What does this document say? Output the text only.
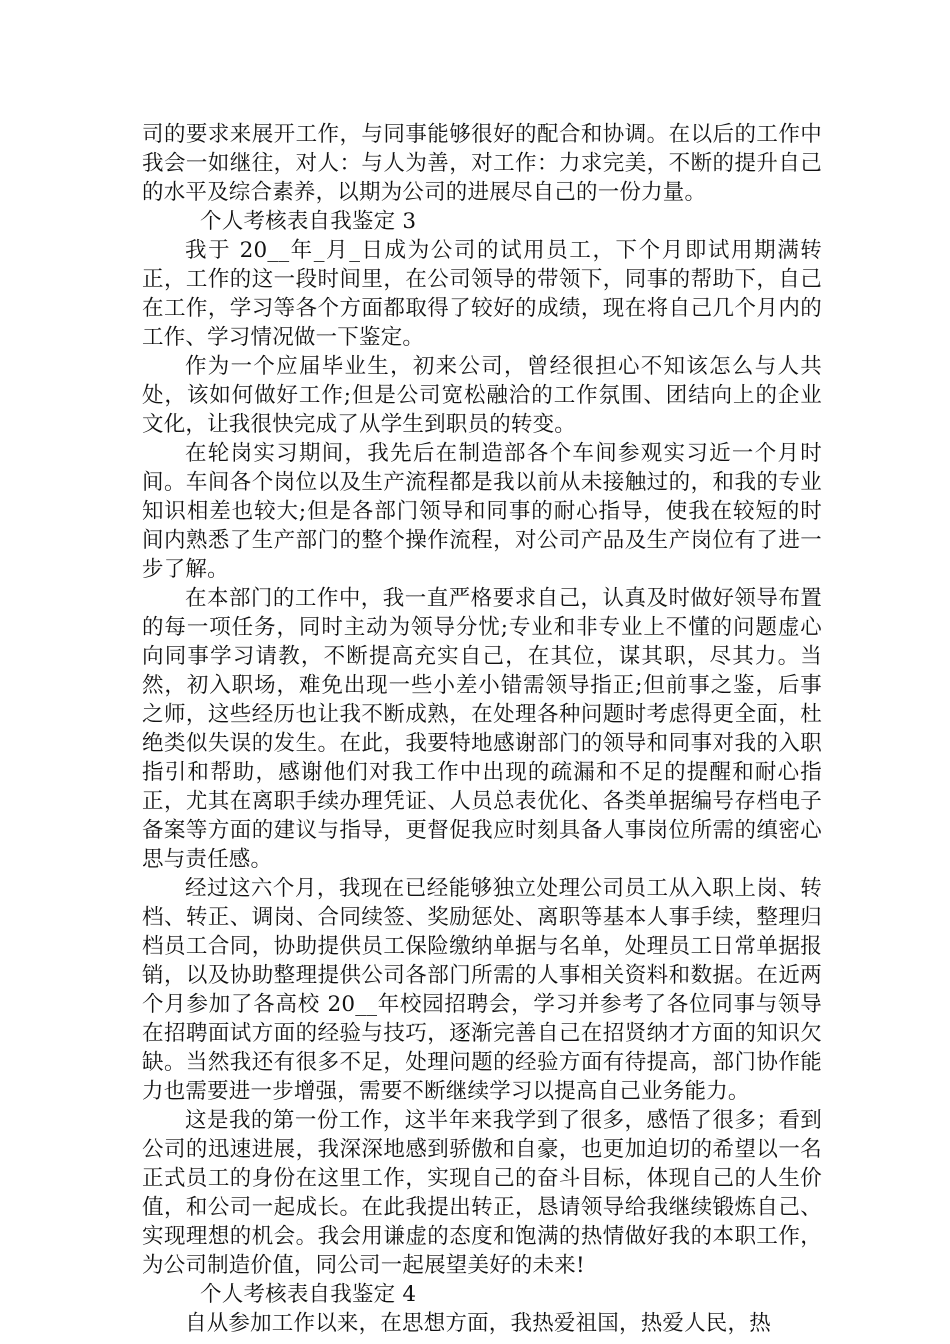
司的要求来展开工作，与同事能够很好的配合和协调。在以后的工作中我会一如继往，对人：与人为善，对工作：力求完美，不断的提升自己的水平及综合素养，以期为公司的进展尽自己的一份力量。

个人考核表自我鉴定 3

我于 20__年_月_日成为公司的试用员工，下个月即试用期满转正，工作的这一段时间里，在公司领导的带领下，同事的帮助下，自己在工作，学习等各个方面都取得了较好的成绩，现在将自己几个月内的工作、学习情况做一下鉴定。

作为一个应届毕业生，初来公司，曾经很担心不知该怎么与人共处，该如何做好工作;但是公司宽松融洽的工作氛围、团结向上的企业文化，让我很快完成了从学生到职员的转变。

在轮岗实习期间，我先后在制造部各个车间参观实习近一个月时间。车间各个岗位以及生产流程都是我以前从未接触过的，和我的专业知识相差也较大;但是各部门领导和同事的耐心指导，使我在较短的时间内熟悉了生产部门的整个操作流程，对公司产品及生产岗位有了进一步了解。

在本部门的工作中，我一直严格要求自己，认真及时做好领导布置的每一项任务，同时主动为领导分忧;专业和非专业上不懂的问题虚心向同事学习请教，不断提高充实自己，在其位，谋其职，尽其力。当然，初入职场，难免出现一些小差小错需领导指正;但前事之鉴，后事之师，这些经历也让我不断成熟，在处理各种问题时考虑得更全面，杜绝类似失误的发生。在此，我要特地感谢部门的领导和同事对我的入职指引和帮助，感谢他们对我工作中出现的疏漏和不足的提醒和耐心指正，尤其在离职手续办理凭证、人员总表优化、各类单据编号存档电子备案等方面的建议与指导，更督促我应时刻具备人事岗位所需的缜密心思与责任感。

经过这六个月，我现在已经能够独立处理公司员工从入职上岗、转档、转正、调岗、合同续签、奖励惩处、离职等基本人事手续，整理归档员工合同，协助提供员工保险缴纳单据与名单，处理员工日常单据报销，以及协助整理提供公司各部门所需的人事相关资料和数据。在近两个月参加了各高校 20__年校园招聘会，学习并参考了各位同事与领导在招聘面试方面的经验与技巧，逐渐完善自己在招贤纳才方面的知识欠缺。当然我还有很多不足，处理问题的经验方面有待提高，部门协作能力也需要进一步增强，需要不断继续学习以提高自己业务能力。

这是我的第一份工作，这半年来我学到了很多，感悟了很多；看到公司的迅速进展，我深深地感到骄傲和自豪，也更加迫切的希望以一名正式员工的身份在这里工作，实现自己的奋斗目标，体现自己的人生价值，和公司一起成长。在此我提出转正，恳请领导给我继续锻炼自己、实现理想的机会。我会用谦虚的态度和饱满的热情做好我的本职工作，为公司制造价值，同公司一起展望美好的未来!

个人考核表自我鉴定 4

自从参加工作以来，在思想方面，我热爱祖国，热爱人民，热
